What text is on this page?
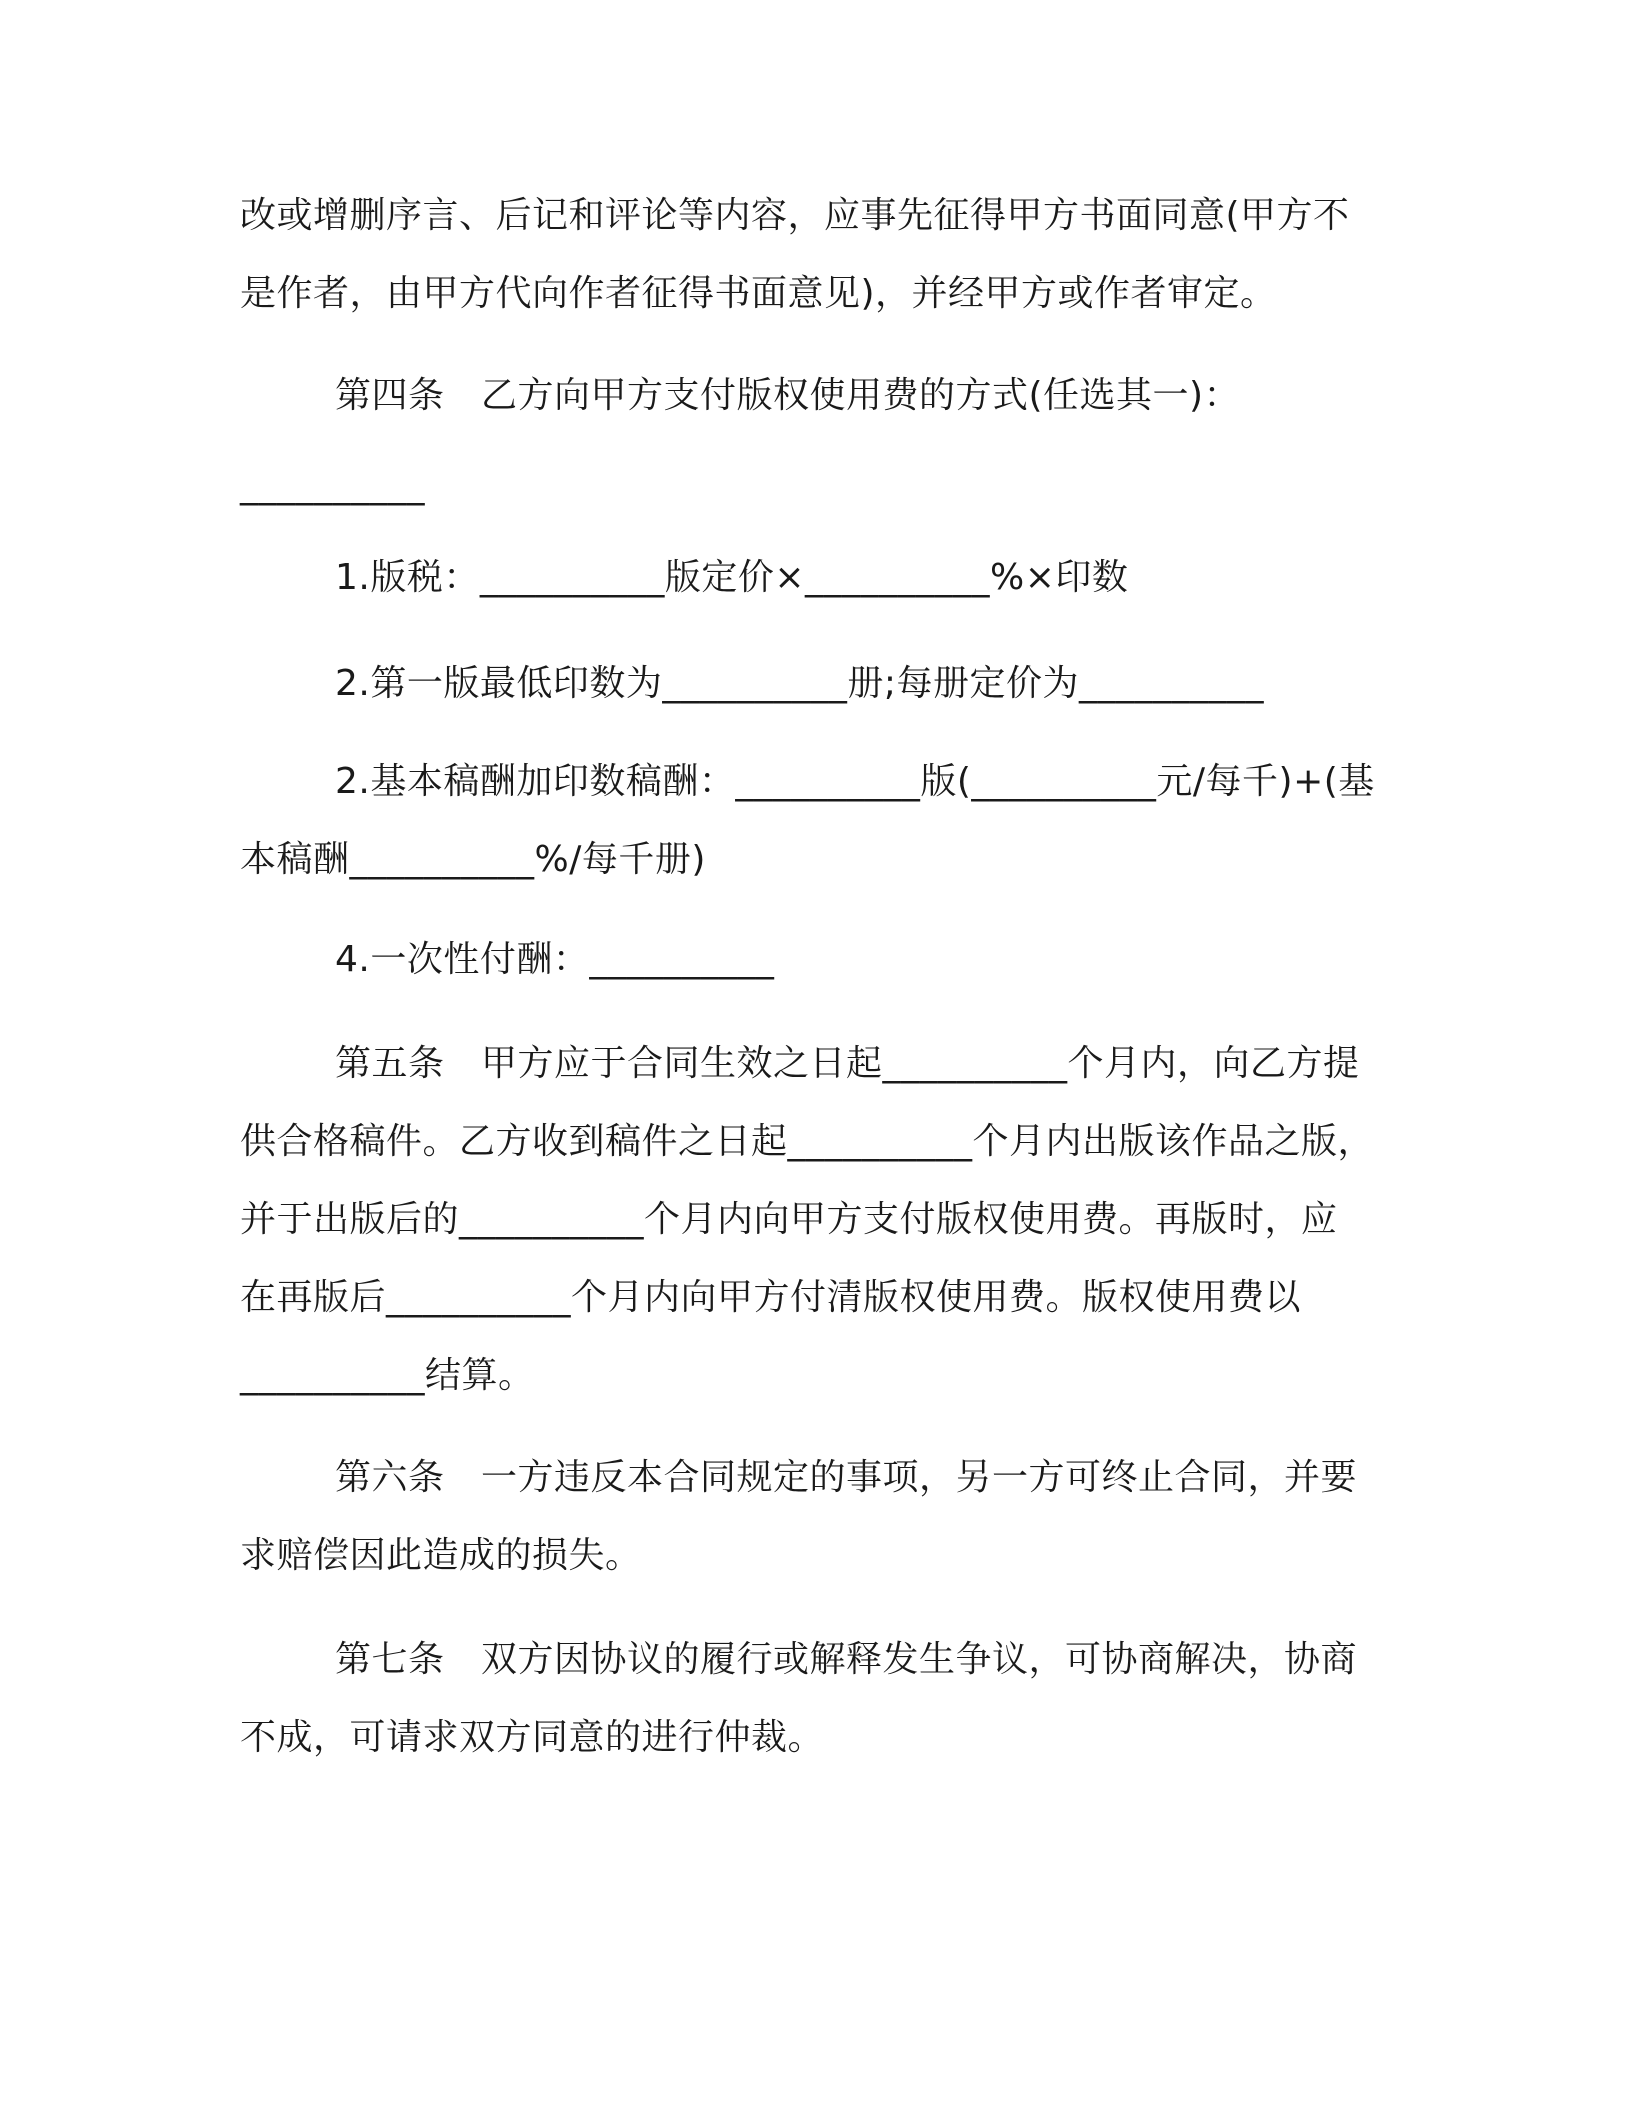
改或增删序言、后记和评论等内容，应事先征得甲方书面同意(甲方不
是作者，由甲方代向作者征得书面意见)，并经甲方或作者审定。
第四条　乙方向甲方支付版权使用费的方式(任选其一)：
__________
1.版税：__________版定价×__________%×印数
2.第一版最低印数为__________册;每册定价为__________
2.基本稿酬加印数稿酬：__________版(__________元/每千)+(基
本稿酬__________%/每千册)
4.一次性付酬：__________
第五条　甲方应于合同生效之日起__________个月内，向乙方提
供合格稿件。乙方收到稿件之日起__________个月内出版该作品之版，
并于出版后的__________个月内向甲方支付版权使用费。再版时，应
在再版后__________个月内向甲方付清版权使用费。版权使用费以
__________结算。
第六条　一方违反本合同规定的事项，另一方可终止合同，并要
求赔偿因此造成的损失。
第七条　双方因协议的履行或解释发生争议，可协商解决，协商
不成，可请求双方同意的进行仲裁。
